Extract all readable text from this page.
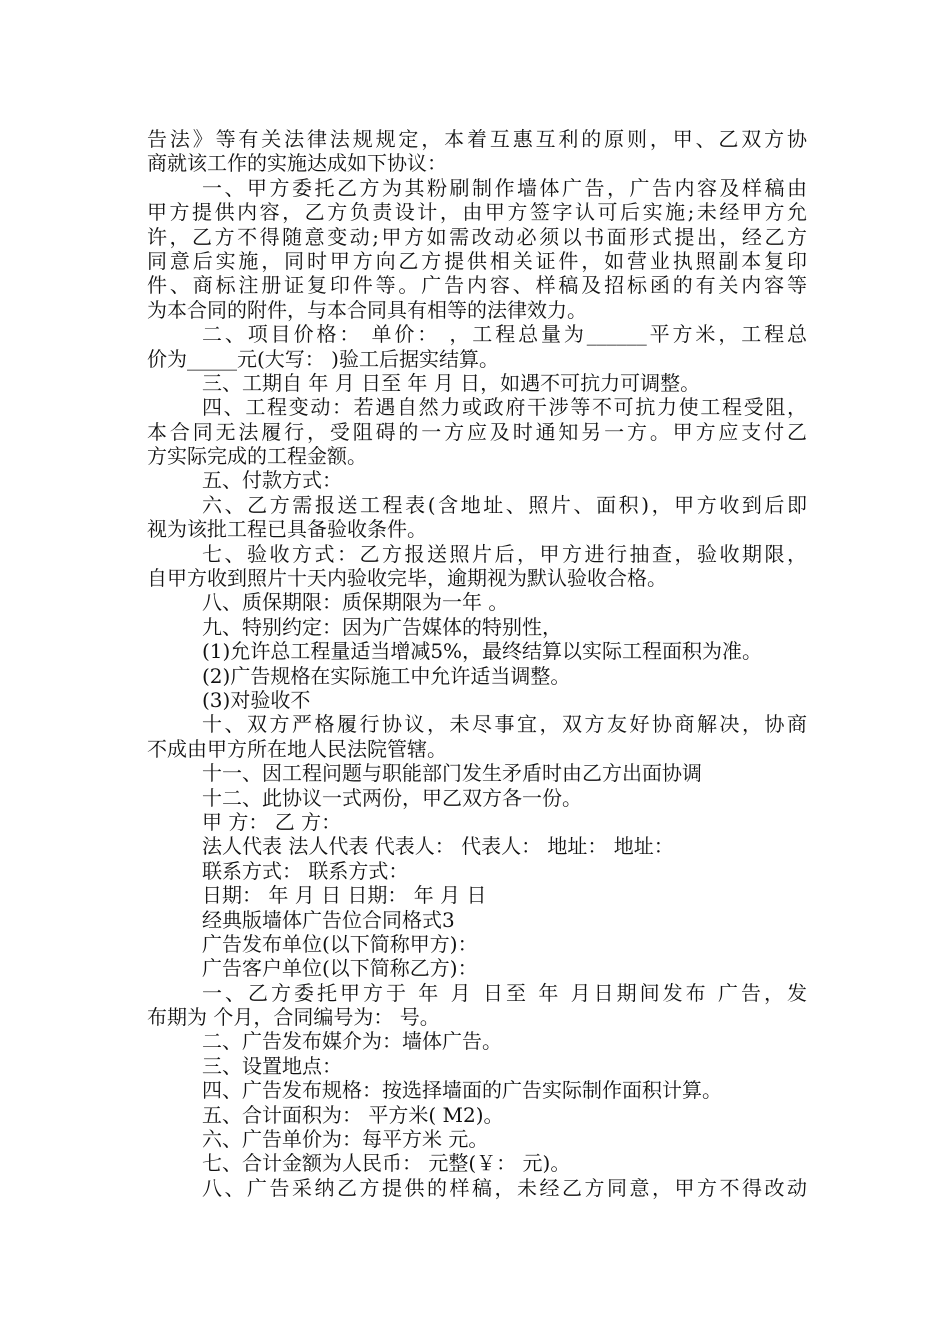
告法》等有关法律法规规定，本着互惠互利的原则，甲、乙双方协
商就该工作的实施达成如下协议：
一、甲方委托乙方为其粉刷制作墙体广告，广告内容及样稿由
甲方提供内容，乙方负责设计，由甲方签字认可后实施;未经甲方允
许，乙方不得随意变动;甲方如需改动必须以书面形式提出，经乙方
同意后实施，同时甲方向乙方提供相关证件，如营业执照副本复印
件、商标注册证复印件等。广告内容、样稿及招标函的有关内容等
为本合同的附件，与本合同具有相等的法律效力。
二、项目价格： 单价： ，工程总量为______平方米，工程总
价为_____元(大写： )验工后据实结算。
三、工期自 年 月 日至 年 月 日，如遇不可抗力可调整。
四、工程变动：若遇自然力或政府干涉等不可抗力使工程受阻，
本合同无法履行，受阻碍的一方应及时通知另一方。甲方应支付乙
方实际完成的工程金额。
五、付款方式：
六、乙方需报送工程表(含地址、照片、面积)，甲方收到后即
视为该批工程已具备验收条件。
七、验收方式：乙方报送照片后，甲方进行抽查，验收期限，
自甲方收到照片十天内验收完毕，逾期视为默认验收合格。
八、质保期限：质保期限为一年 。
九、特别约定：因为广告媒体的特别性，
(1)允许总工程量适当增减5%，最终结算以实际工程面积为准。
(2)广告规格在实际施工中允许适当调整。
(3)对验收不
十、双方严格履行协议，未尽事宜，双方友好协商解决，协商
不成由甲方所在地人民法院管辖。
十一、因工程问题与职能部门发生矛盾时由乙方出面协调
十二、此协议一式两份，甲乙双方各一份。
甲 方： 乙 方：
法人代表 法人代表 代表人： 代表人： 地址： 地址：
联系方式： 联系方式：
日期： 年 月 日 日期： 年 月 日
经典版墙体广告位合同格式3
广告发布单位(以下简称甲方)：
广告客户单位(以下简称乙方)：
一、乙方委托甲方于 年 月 日至 年 月日期间发布 广告，发
布期为 个月，合同编号为： 号。
二、广告发布媒介为：墙体广告。
三、设置地点：
四、广告发布规格：按选择墙面的广告实际制作面积计算。
五、合计面积为： 平方米( M2)。
六、广告单价为：每平方米 元。
七、合计金额为人民币： 元整(￥： 元)。
八、广告采纳乙方提供的样稿，未经乙方同意，甲方不得改动
